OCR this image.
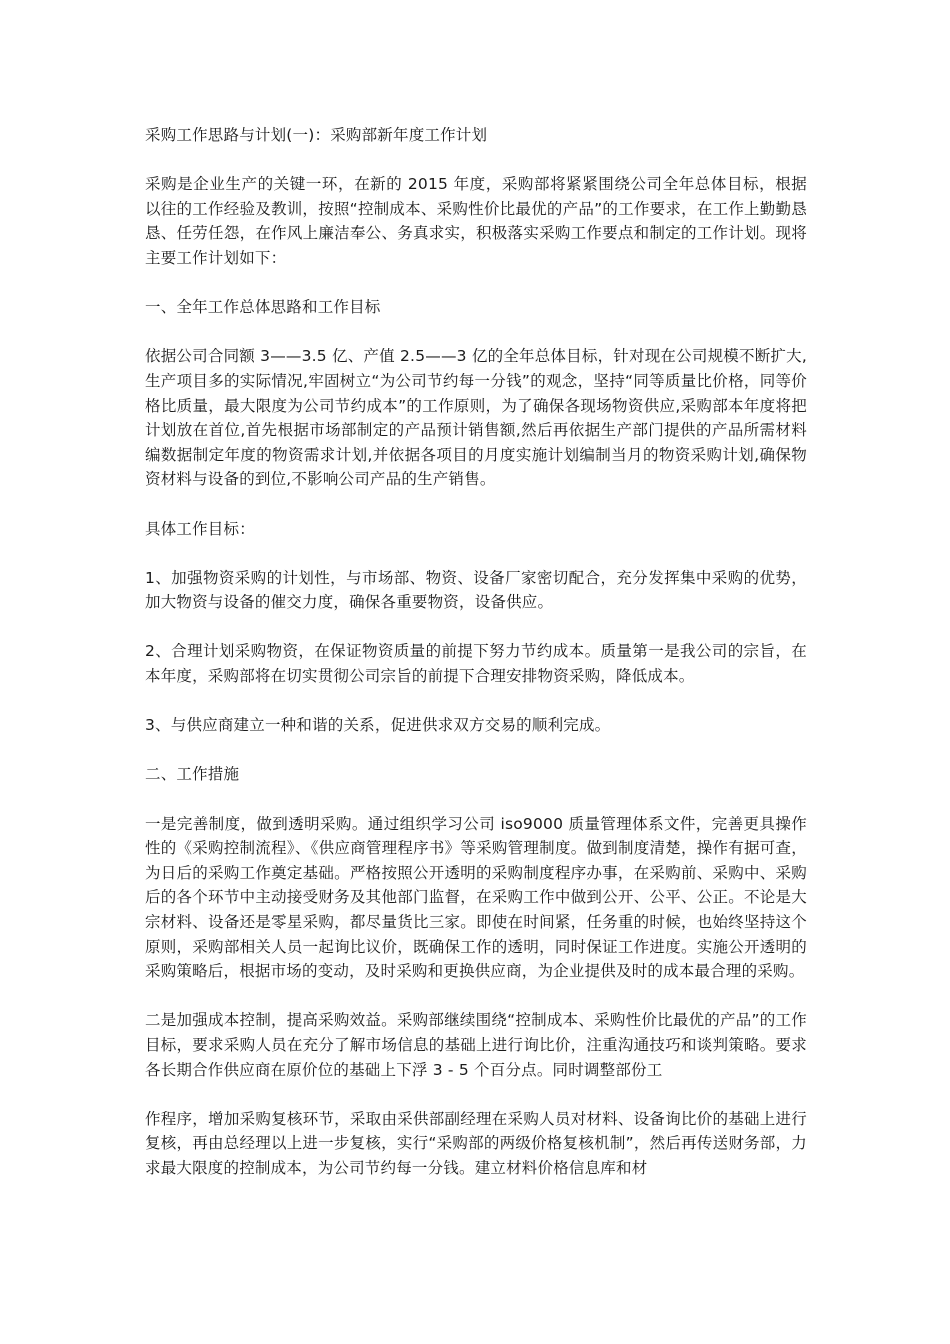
采购工作思路与计划(一)：采购部新年度工作计划

采购是企业生产的关键一环，在新的 2015 年度，采购部将紧紧围绕公司全年总体目标，根据以往的工作经验及教训，按照“控制成本、采购性价比最优的产品”的工作要求，在工作上勤勤恳恳、任劳任怨，在作风上廉洁奉公、务真求实，积极落实采购工作要点和制定的工作计划。现将主要工作计划如下：

一、全年工作总体思路和工作目标

依据公司合同额 3——3.5 亿、产值 2.5——3 亿的全年总体目标，针对现在公司规模不断扩大,生产项目多的实际情况,牢固树立“为公司节约每一分钱”的观念，坚持“同等质量比价格，同等价格比质量，最大限度为公司节约成本”的工作原则，为了确保各现场物资供应,采购部本年度将把计划放在首位,首先根据市场部制定的产品预计销售额,然后再依据生产部门提供的产品所需材料编数据制定年度的物资需求计划,并依据各项目的月度实施计划编制当月的物资采购计划,确保物资材料与设备的到位,不影响公司产品的生产销售。

具体工作目标：

1、加强物资采购的计划性，与市场部、物资、设备厂家密切配合，充分发挥集中采购的优势，加大物资与设备的催交力度，确保各重要物资，设备供应。

2、合理计划采购物资，在保证物资质量的前提下努力节约成本。质量第一是我公司的宗旨，在本年度，采购部将在切实贯彻公司宗旨的前提下合理安排物资采购，降低成本。

3、与供应商建立一种和谐的关系，促进供求双方交易的顺利完成。

二、工作措施

一是完善制度，做到透明采购。通过组织学习公司 iso9000 质量管理体系文件，完善更具操作性的《采购控制流程》、《供应商管理程序书》等采购管理制度。做到制度清楚，操作有据可查，为日后的采购工作奠定基础。严格按照公开透明的采购制度程序办事，在采购前、采购中、采购后的各个环节中主动接受财务及其他部门监督，在采购工作中做到公开、公平、公正。不论是大宗材料、设备还是零星采购，都尽量货比三家。即使在时间紧，任务重的时候，也始终坚持这个原则，采购部相关人员一起询比议价，既确保工作的透明，同时保证工作进度。实施公开透明的采购策略后，根据市场的变动，及时采购和更换供应商，为企业提供及时的成本最合理的采购。

二是加强成本控制，提高采购效益。采购部继续围绕“控制成本、采购性价比最优的产品”的工作目标，要求采购人员在充分了解市场信息的基础上进行询比价，注重沟通技巧和谈判策略。要求各长期合作供应商在原价位的基础上下浮 3 - 5 个百分点。同时调整部份工

作程序，增加采购复核环节，采取由采供部副经理在采购人员对材料、设备询比价的基础上进行复核，再由总经理以上进一步复核，实行“采购部的两级价格复核机制”，然后再传送财务部，力求最大限度的控制成本，为公司节约每一分钱。建立材料价格信息库和材
